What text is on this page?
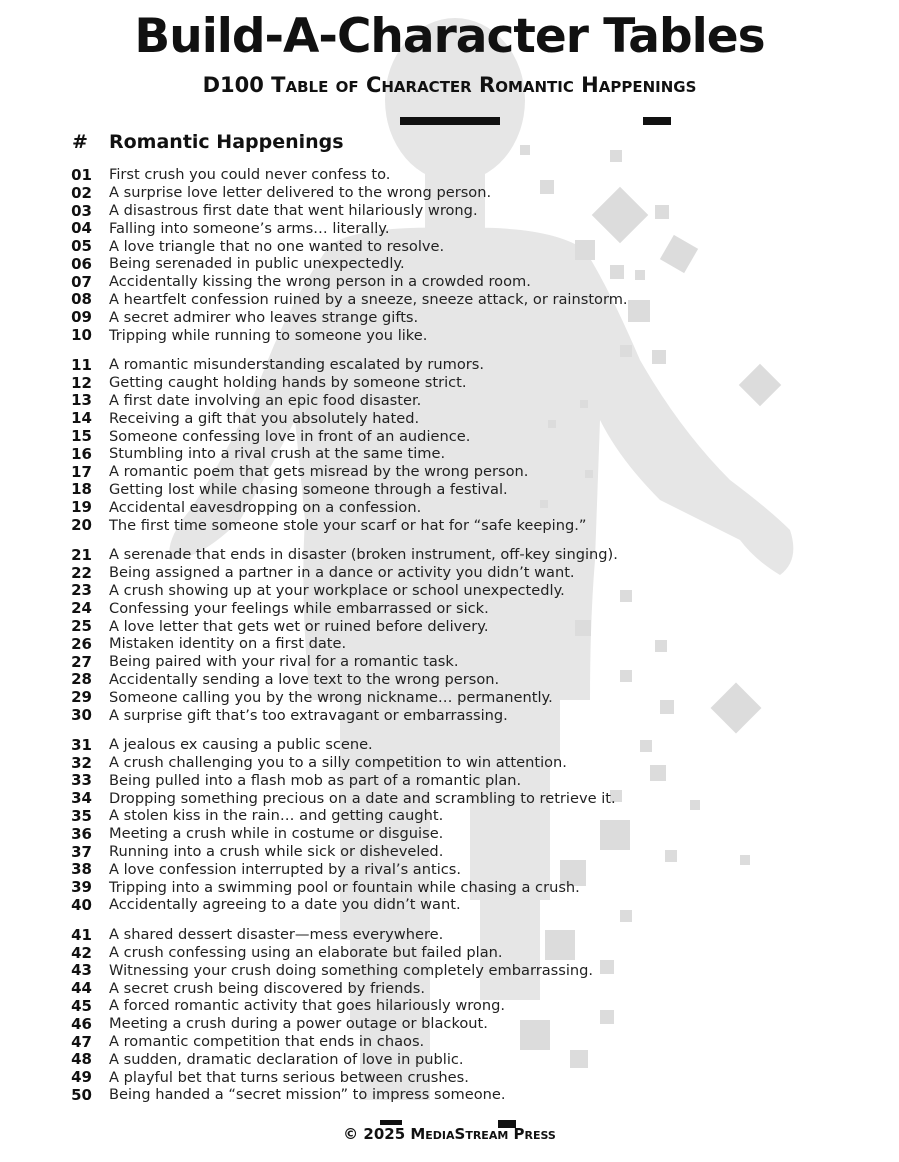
Build-A-Character Tables
D100 Table of Character Romantic Happenings
# Romantic Happenings
01 First crush you could never confess to.
02 A surprise love letter delivered to the wrong person.
03 A disastrous first date that went hilariously wrong.
04 Falling into someone’s arms… literally.
05 A love triangle that no one wanted to resolve.
06 Being serenaded in public unexpectedly.
07 Accidentally kissing the wrong person in a crowded room.
08 A heartfelt confession ruined by a sneeze, sneeze attack, or rainstorm.
09 A secret admirer who leaves strange gifts.
10 Tripping while running to someone you like.
11 A romantic misunderstanding escalated by rumors.
12 Getting caught holding hands by someone strict.
13 A first date involving an epic food disaster.
14 Receiving a gift that you absolutely hated.
15 Someone confessing love in front of an audience.
16 Stumbling into a rival crush at the same time.
17 A romantic poem that gets misread by the wrong person.
18 Getting lost while chasing someone through a festival.
19 Accidental eavesdropping on a confession.
20 The first time someone stole your scarf or hat for “safe keeping.”
21 A serenade that ends in disaster (broken instrument, off-key singing).
22 Being assigned a partner in a dance or activity you didn’t want.
23 A crush showing up at your workplace or school unexpectedly.
24 Confessing your feelings while embarrassed or sick.
25 A love letter that gets wet or ruined before delivery.
26 Mistaken identity on a first date.
27 Being paired with your rival for a romantic task.
28 Accidentally sending a love text to the wrong person.
29 Someone calling you by the wrong nickname… permanently.
30 A surprise gift that’s too extravagant or embarrassing.
31 A jealous ex causing a public scene.
32 A crush challenging you to a silly competition to win attention.
33 Being pulled into a flash mob as part of a romantic plan.
34 Dropping something precious on a date and scrambling to retrieve it.
35 A stolen kiss in the rain… and getting caught.
36 Meeting a crush while in costume or disguise.
37 Running into a crush while sick or disheveled.
38 A love confession interrupted by a rival’s antics.
39 Tripping into a swimming pool or fountain while chasing a crush.
40 Accidentally agreeing to a date you didn’t want.
41 A shared dessert disaster—mess everywhere.
42 A crush confessing using an elaborate but failed plan.
43 Witnessing your crush doing something completely embarrassing.
44 A secret crush being discovered by friends.
45 A forced romantic activity that goes hilariously wrong.
46 Meeting a crush during a power outage or blackout.
47 A romantic competition that ends in chaos.
48 A sudden, dramatic declaration of love in public.
49 A playful bet that turns serious between crushes.
50 Being handed a “secret mission” to impress someone.
© 2025 MediaStream Press
